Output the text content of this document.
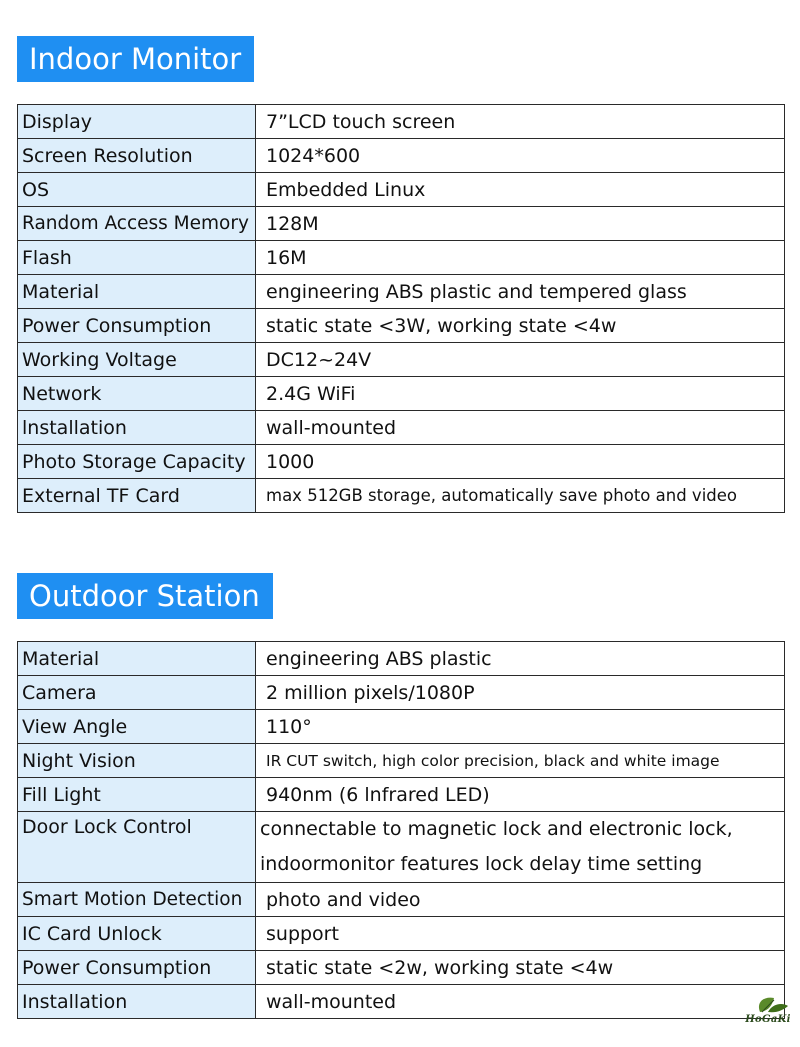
Indoor Monitor
Display	7”LCD touch screen
Screen Resolution	1024*600
OS	Embedded Linux
Random Access Memory	128M
Flash	16M
Material	engineering ABS plastic and tempered glass
Power Consumption	static state <3W, working state <4w
Working Voltage	DC12~24V
Network	2.4G WiFi
lnstallation	wall-mounted
Photo Storage Capacity	1000
External TF Card	max 512GB storage, automatically save photo and video
Outdoor Station
Material	engineering ABS plastic
Camera	2 million pixels/1080P
View Angle	110°
Night Vision	IR CUT switch, high color precision, black and white image
Fill Light	940nm (6 lnfrared LED)
Door Lock Control	connectable to magnetic lock and electronic lock, indoormonitor features lock delay time setting
Smart Motion Detection	photo and video
IC Card Unlock	support
Power Consumption	static state <2w, working state <4w
Installation	wall-mounted
HoGaKi
